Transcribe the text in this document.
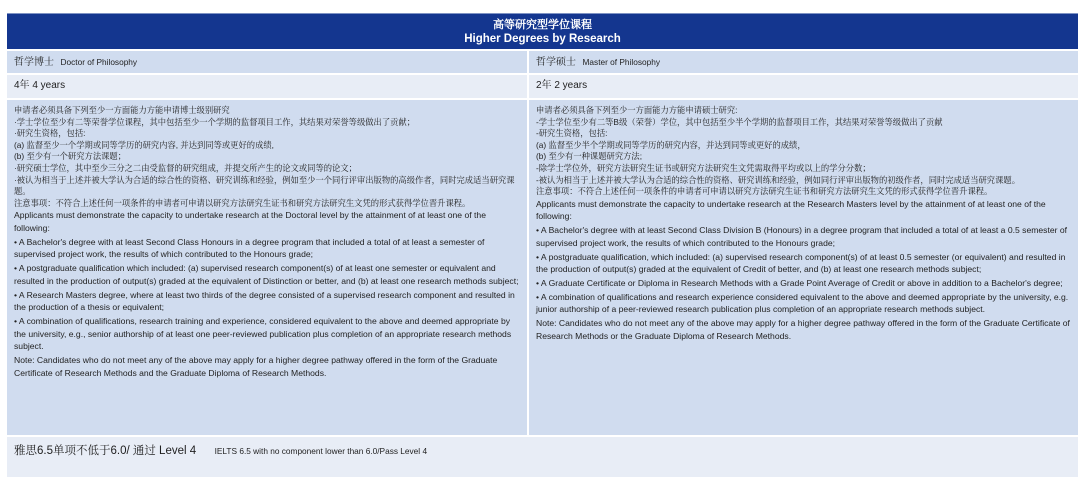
高等研究型学位课程
Higher Degrees by Research
哲学博士 Doctor of Philosophy	哲学硕士 Master of Philosophy
4年 4 years	2年 2 years

申请者必须具备下列至少一方面能力方能申请博士级别研究

·学士学位至少有二等荣誉学位课程，其中包括至少一个学期的监督项目工作，其结果对荣誉等级做出了贡献；

·研究生资格，包括:

(a) 监督至少一个学期或同等学历的研究内容, 并达到同等或更好的成绩,

(b) 至少有一个研究方法课题；

·研究硕士学位，其中至少三分之二由受监督的研究组成，并提交所产生的论文或同等的论文；

·被认为相当于上述并被大学认为合适的综合性的资格、研究训练和经验，例如至少一个同行评审出版物的高级作者，同时完成适当研究课题。

注意事项：不符合上述任何一项条件的申请者可申请以研究方法研究生证书和研究方法研究生文凭的形式获得学位晋升课程。

Applicants must demonstrate the capacity to undertake research at the Doctoral level by the attainment of at least one of the following:

• A Bachelor's degree with at least Second Class Honours in a degree program that included a total of at least a semester of supervised project work, the results of which contributed to the Honours grade;

• A postgraduate qualification which included: (a) supervised research component(s) of at least one semester or equivalent and resulted in the production of output(s) graded at the equivalent of Distinction or better, and (b) at least one research methods subject;

• A Research Masters degree, where at least two thirds of the degree consisted of a supervised research component and resulted in the production of a thesis or equivalent;

• A combination of qualifications, research training and experience, considered equivalent to the above and deemed appropriate by the university, e.g., senior authorship of at least one peer-reviewed publication plus completion of an appropriate research methods subject.

Note: Candidates who do not meet any of the above may apply for a higher degree pathway offered in the form of the Graduate Certificate of Research Methods and the Graduate Diploma of Research Methods.

申请者必须具备下列至少一方面能力方能申请硕士研究:

-学士学位至少有二等B级（荣誉）学位，其中包括至少半个学期的监督项目工作，其结果对荣誉等级做出了贡献

-研究生资格，包括:

(a) 监督至少半个学期或同等学历的研究内容，并达到同等或更好的成绩，

(b) 至少有一种课题研究方法;

-除学士学位外，研究方法研究生证书或研究方法研究生文凭需取得平均或以上的学分分数；

-被认为相当于上述并被大学认为合适的综合性的资格、研究训练和经验，例如同行评审出版物的初级作者，同时完成适当研究课题。

注意事项：不符合上述任何一项条件的申请者可申请以研究方法研究生证书和研究方法研究生文凭的形式获得学位晋升课程。

Applicants must demonstrate the capacity to undertake research at the Research Masters level by the attainment of at least one of the following:

• A Bachelor's degree with at least Second Class Division B (Honours) in a degree program that included a total of at least a 0.5 semester of supervised project work, the results of which contributed to the Honours grade;

• A postgraduate qualification, which included: (a) supervised research component(s) of at least 0.5 semester (or equivalent) and resulted in the production of output(s) graded at the equivalent of Credit of better, and (b) at least one research methods subject;

• A Graduate Certificate or Diploma in Research Methods with a Grade Point Average of Credit or above in addition to a Bachelor's degree;

• A combination of qualifications and research experience considered equivalent to the above and deemed appropriate by the university, e.g. junior authorship of a peer-reviewed research publication plus completion of an appropriate research methods subject.

Note: Candidates who do not meet any of the above may apply for a higher degree pathway offered in the form of the Graduate Certificate of Research Methods or the Graduate Diploma of Research Methods.

雅思6.5单项不低于6.0/ 通过 Level 4 IELTS 6.5 with no component lower than 6.0/Pass Level 4
